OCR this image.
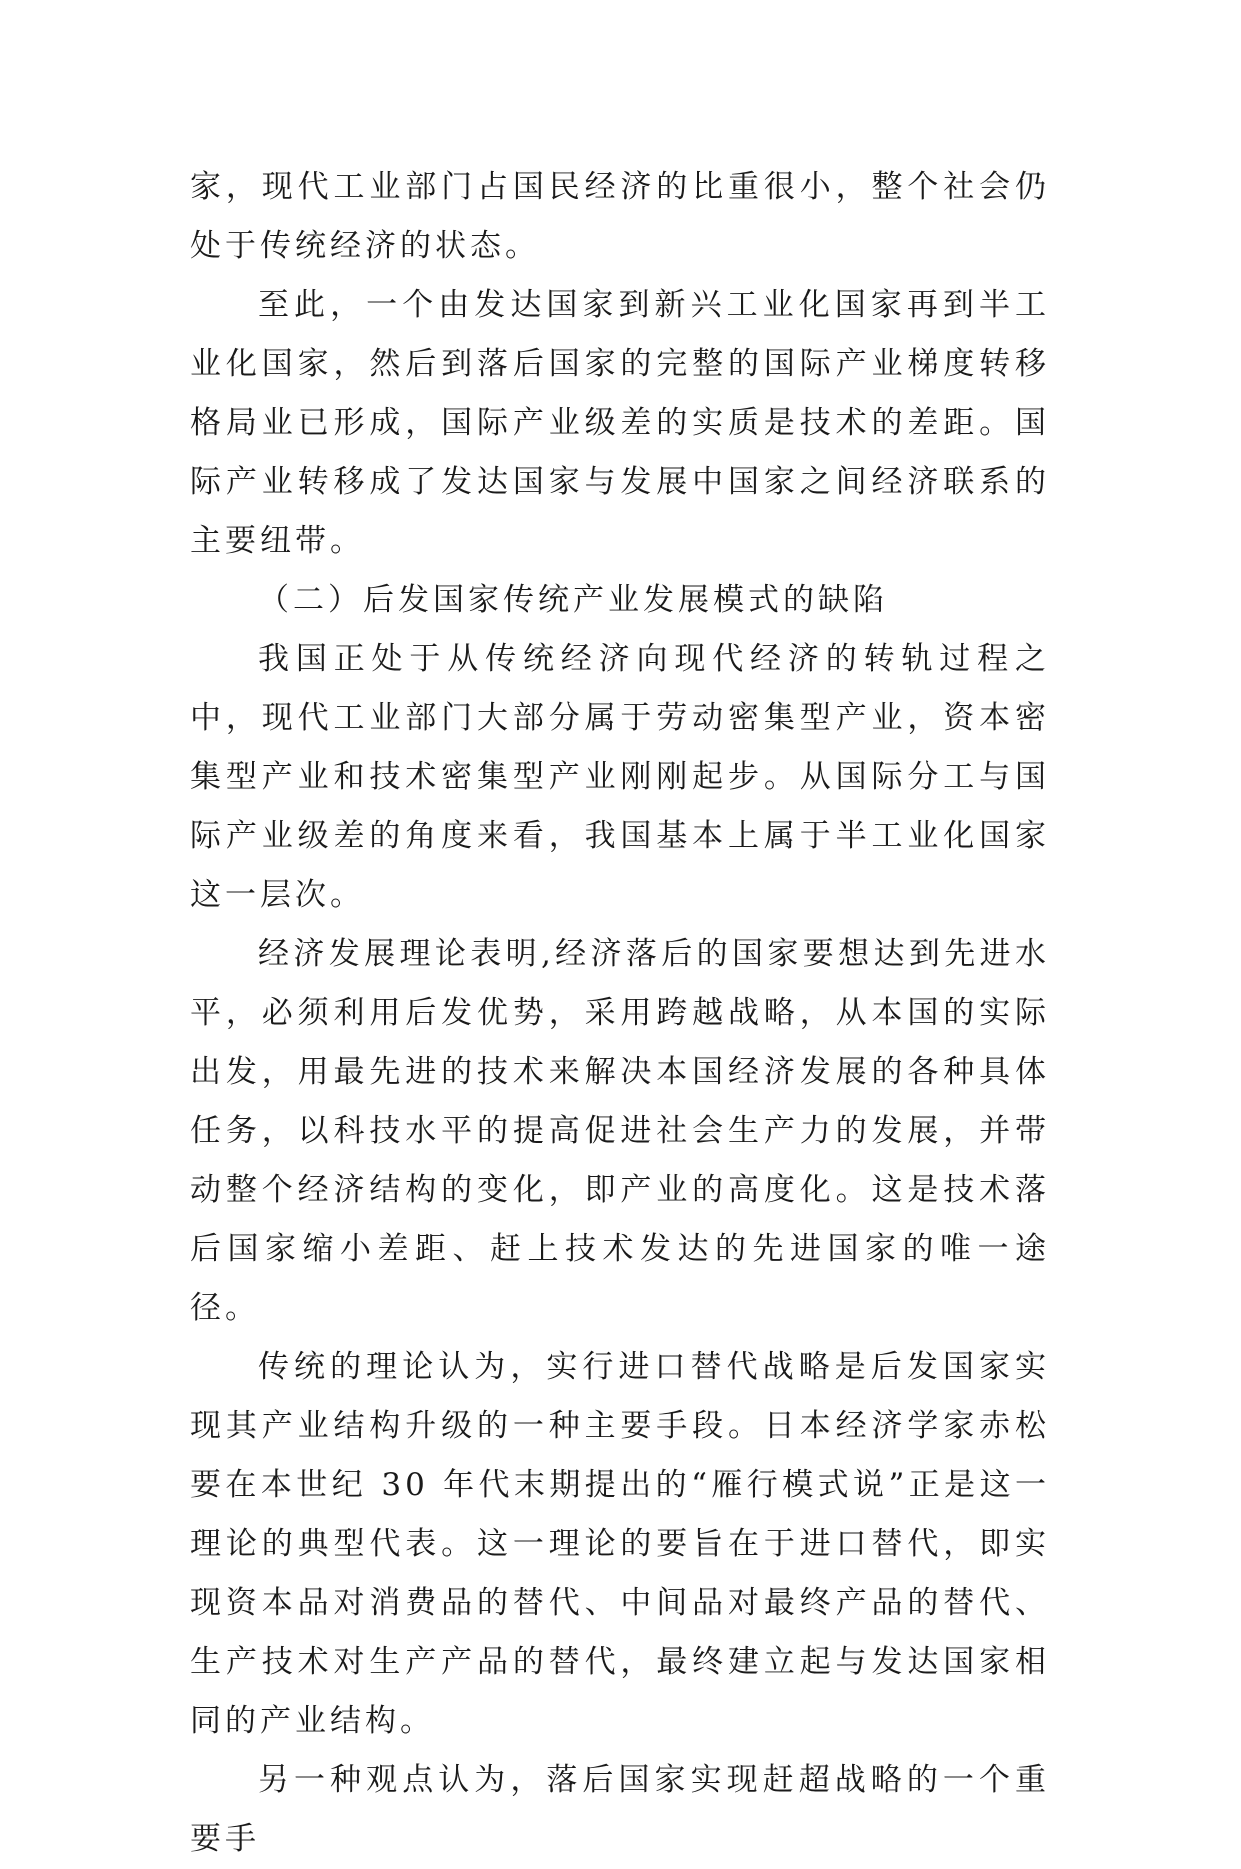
家，现代工业部门占国民经济的比重很小，整个社会仍处于传统经济的状态。

至此，一个由发达国家到新兴工业化国家再到半工业化国家，然后到落后国家的完整的国际产业梯度转移格局业已形成，国际产业级差的实质是技术的差距。国际产业转移成了发达国家与发展中国家之间经济联系的主要纽带。

（二）后发国家传统产业发展模式的缺陷

我国正处于从传统经济向现代经济的转轨过程之中，现代工业部门大部分属于劳动密集型产业，资本密集型产业和技术密集型产业刚刚起步。从国际分工与国际产业级差的角度来看，我国基本上属于半工业化国家这一层次。

经济发展理论表明,经济落后的国家要想达到先进水平，必须利用后发优势，采用跨越战略，从本国的实际出发，用最先进的技术来解决本国经济发展的各种具体任务，以科技水平的提高促进社会生产力的发展，并带动整个经济结构的变化，即产业的高度化。这是技术落后国家缩小差距、赶上技术发达的先进国家的唯一途径。

传统的理论认为，实行进口替代战略是后发国家实现其产业结构升级的一种主要手段。日本经济学家赤松要在本世纪 30 年代末期提出的“雁行模式说”正是这一理论的典型代表。这一理论的要旨在于进口替代，即实现资本品对消费品的替代、中间品对最终产品的替代、生产技术对生产产品的替代，最终建立起与发达国家相同的产业结构。

另一种观点认为，落后国家实现赶超战略的一个重要手
